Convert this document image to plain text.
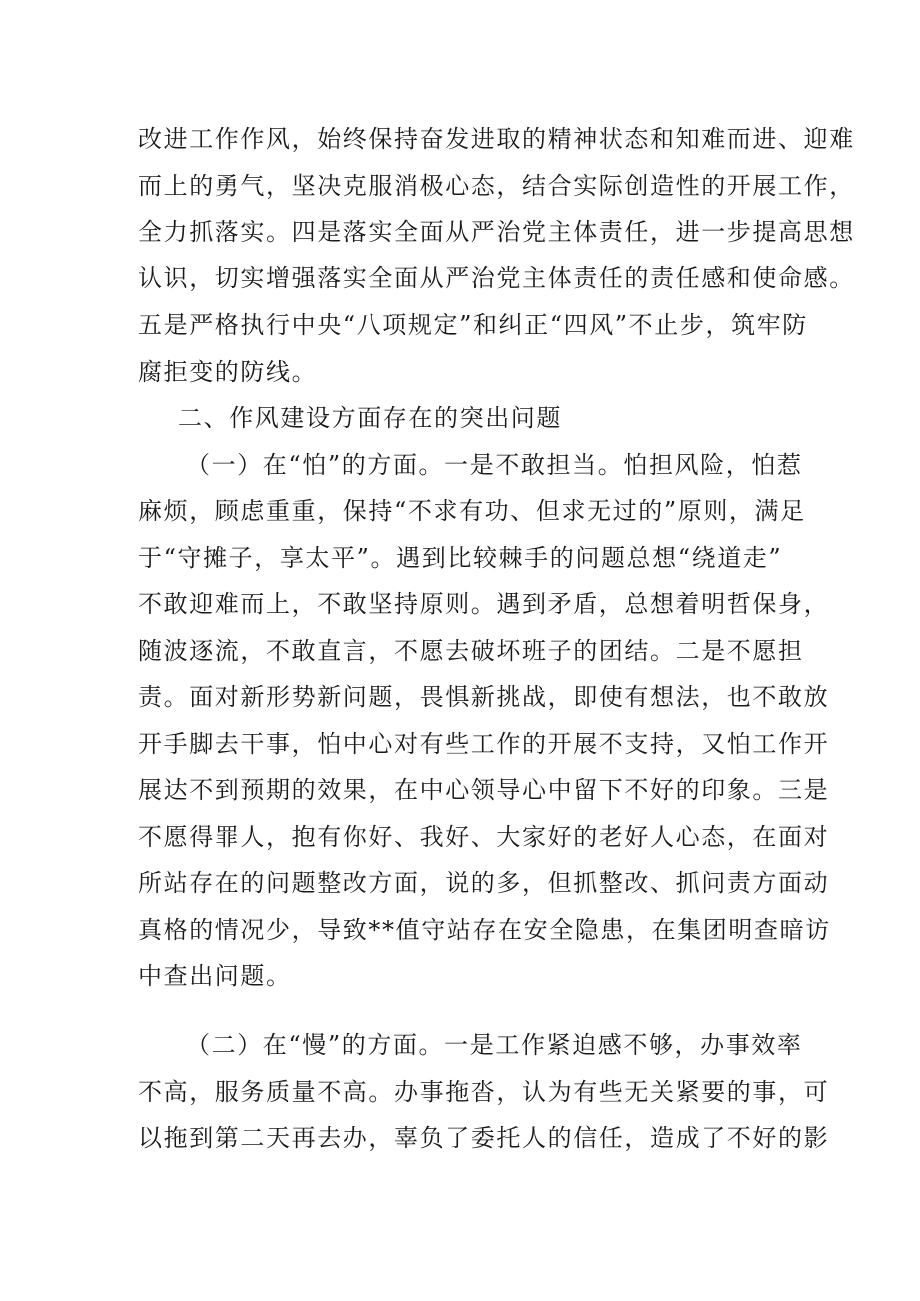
改进工作作风，始终保持奋发进取的精神状态和知难而进、迎难

而上的勇气，坚决克服消极心态，结合实际创造性的开展工作，

全力抓落实。四是落实全面从严治党主体责任，进一步提高思想

认识，切实增强落实全面从严治党主体责任的责任感和使命感。

五是严格执行中央“八项规定”和纠正“四风”不止步，筑牢防

腐拒变的防线。

二、作风建设方面存在的突出问题

（一）在“怕”的方面。一是不敢担当。怕担风险，怕惹

麻烦，顾虑重重，保持“不求有功、但求无过的”原则，满足

于“守摊子，享太平”。遇到比较棘手的问题总想“绕道走”

不敢迎难而上，不敢坚持原则。遇到矛盾，总想着明哲保身，

随波逐流，不敢直言，不愿去破坏班子的团结。二是不愿担

责。面对新形势新问题，畏惧新挑战，即使有想法，也不敢放

开手脚去干事，怕中心对有些工作的开展不支持，又怕工作开

展达不到预期的效果，在中心领导心中留下不好的印象。三是

不愿得罪人，抱有你好、我好、大家好的老好人心态，在面对

所站存在的问题整改方面，说的多，但抓整改、抓问责方面动

真格的情况少，导致**值守站存在安全隐患，在集团明查暗访

中查出问题。

（二）在“慢”的方面。一是工作紧迫感不够，办事效率

不高，服务质量不高。办事拖沓，认为有些无关紧要的事，可

以拖到第二天再去办，辜负了委托人的信任，造成了不好的影
